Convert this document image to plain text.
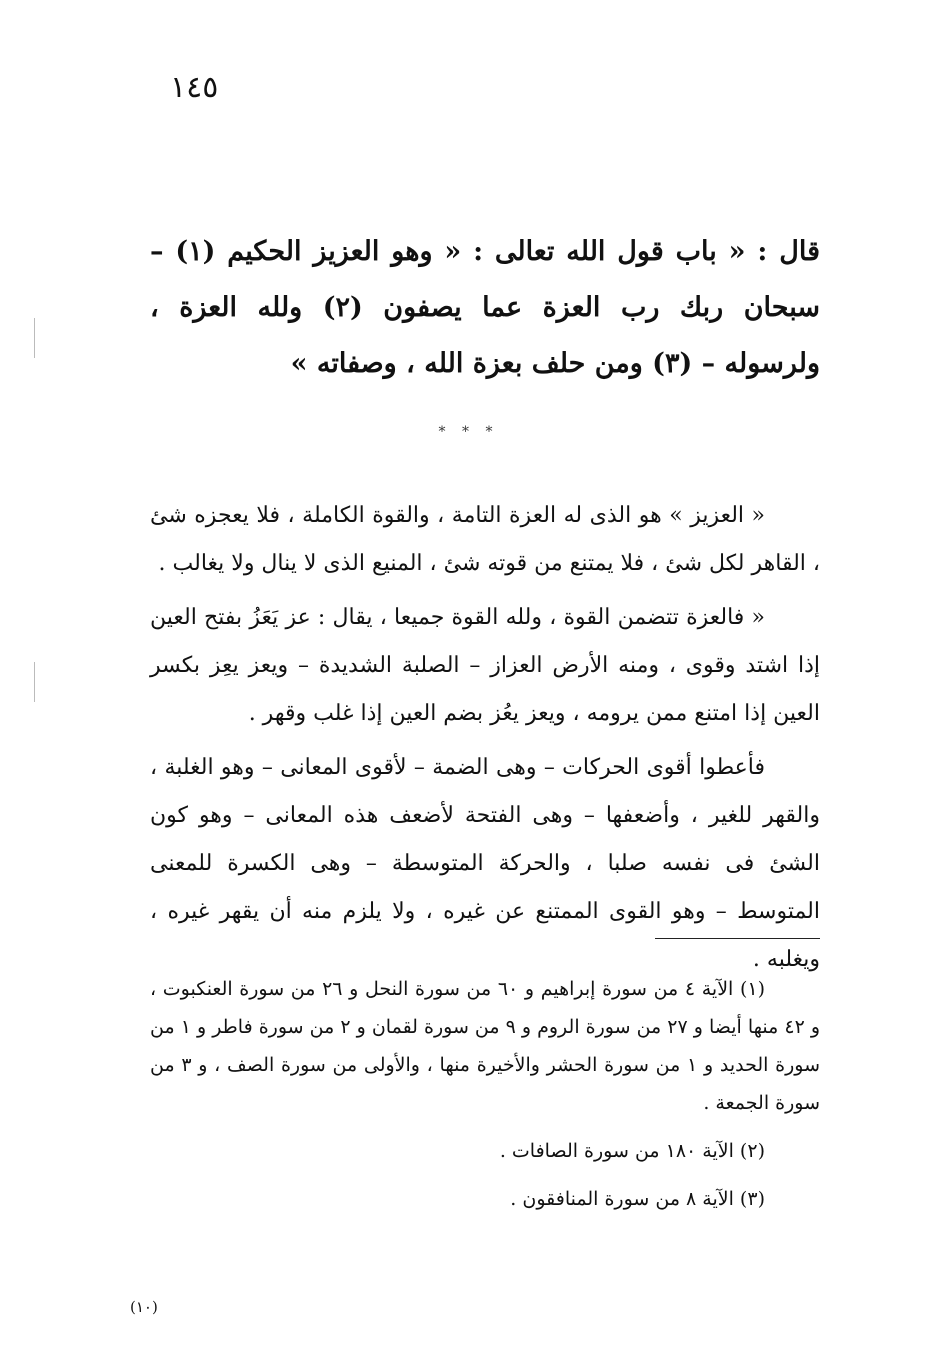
١٤٥
قال : « باب قول الله تعالى : « وهو العزيز الحكيم (١) – سبحان ربك رب العزة عما يصفون (٢) ولله العزة ، ولرسوله – (٣) ومن حلف بعزة الله ، وصفاته »
* * *

« العزيز » هو الذى له العزة التامة ، والقوة الكاملة ، فلا يعجزه شئ ، القاهر لكل شئ ، فلا يمتنع من قوته شئ ، المنيع الذى لا ينال ولا يغالب .

« فالعزة تتضمن القوة ، ولله القوة جميعا ، يقال : عز يَعَزُ بفتح العين إذا اشتد وقوى ، ومنه الأرض العزاز – الصلبة الشديدة – ويعز يعِز بكسر العين إذا امتنع ممن يرومه ، ويعز يعُز بضم العين إذا غلب وقهر .

فأعطوا أقوى الحركات – وهى الضمة – لأقوى المعانى – وهو الغلبة ، والقهر للغير ، وأضعفها – وهى الفتحة لأضعف هذه المعانى – وهو كون الشئ فى نفسه صلبا ، والحركة المتوسطة – وهى الكسرة للمعنى المتوسط – وهو القوى الممتنع عن غيره ، ولا يلزم منه أن يقهر غيره ، ويغلبه .

(١) الآية ٤ من سورة إبراهيم و ٦٠ من سورة النحل و ٢٦ من سورة العنكبوت ، و ٤٢ منها أيضا و ٢٧ من سورة الروم و ٩ من سورة لقمان و ٢ من سورة فاطر و ١ من سورة الحديد و ١ من سورة الحشر والأخيرة منها ، والأولى من سورة الصف ، و ٣ من سورة الجمعة .

(٢) الآية ١٨٠ من سورة الصافات .

(٣) الآية ٨ من سورة المنافقون .

(١٠)
